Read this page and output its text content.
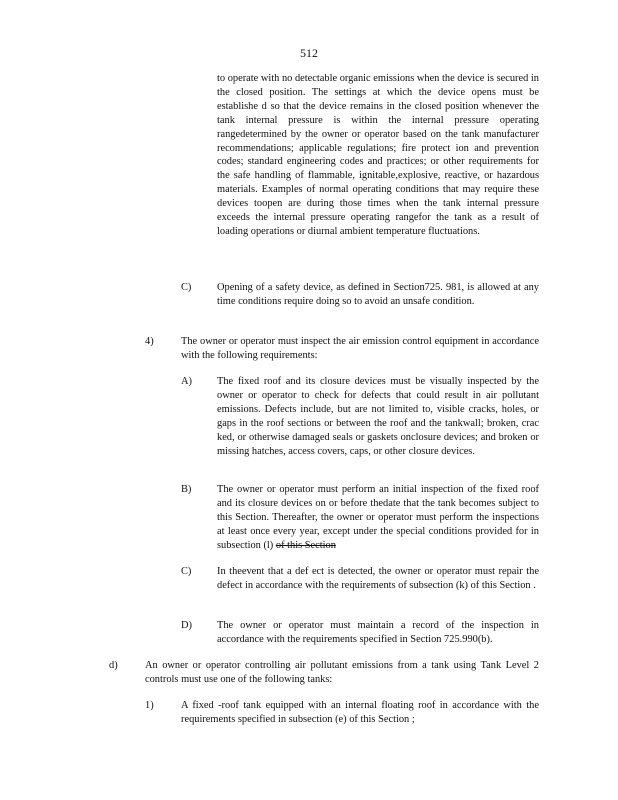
512

to operate with no detectable organic emissions when the device is secured in the closed position. The settings at which the device opens must be establishe d so that the device remains in the closed position whenever the tank internal pressure is within the internal pressure operating rangedetermined by the owner or operator based on the tank manufacturer recommendations; applicable regulations; fire protect ion and prevention codes; standard engineering codes and practices; or other requirements for the safe handling of flammable, ignitable,explosive, reactive, or hazardous materials. Examples of normal operating conditions that may require these devices toopen are during those times when the tank internal pressure exceeds the internal pressure operating rangefor the tank as a result of loading operations or diurnal ambient temperature fluctuations.

C) Opening of a safety device, as defined in Section725. 981, is allowed at any time conditions require doing so to avoid an unsafe condition.

4)	The owner or operator must inspect the air emission control equipment in accordance with the following requirements:

A) The fixed roof and its closure devices must be visually inspected by the owner or operator to check for defects that could result in air pollutant emissions. Defects include, but are not limited to, visible cracks, holes, or gaps in the roof sections or between the roof and the tankwall; broken, crac ked, or otherwise damaged seals or gaskets onclosure devices; and broken or missing hatches, access covers, caps, or other closure devices.

B) The owner or operator must perform an initial inspection of the fixed roof and its closure devices on or before thedate that the tank becomes subject to this Section. Thereafter, the owner or operator must perform the inspections at least once every year, except under the special conditions provided for in subsection (l) of this Section

C) In theevent that a def ect is detected, the owner or operator must repair the defect in accordance with the requirements of subsection (k) of this Section .

D) The owner or operator must maintain a record of the inspection in accordance with the requirements specified in Section 725.990(b).

d)	An owner or operator controlling air pollutant emissions from a tank using Tank Level 2 controls must use one of the following tanks:

1)	A fixed -roof tank equipped with an internal floating roof in accordance with the requirements specified in subsection (e) of this Section ;
